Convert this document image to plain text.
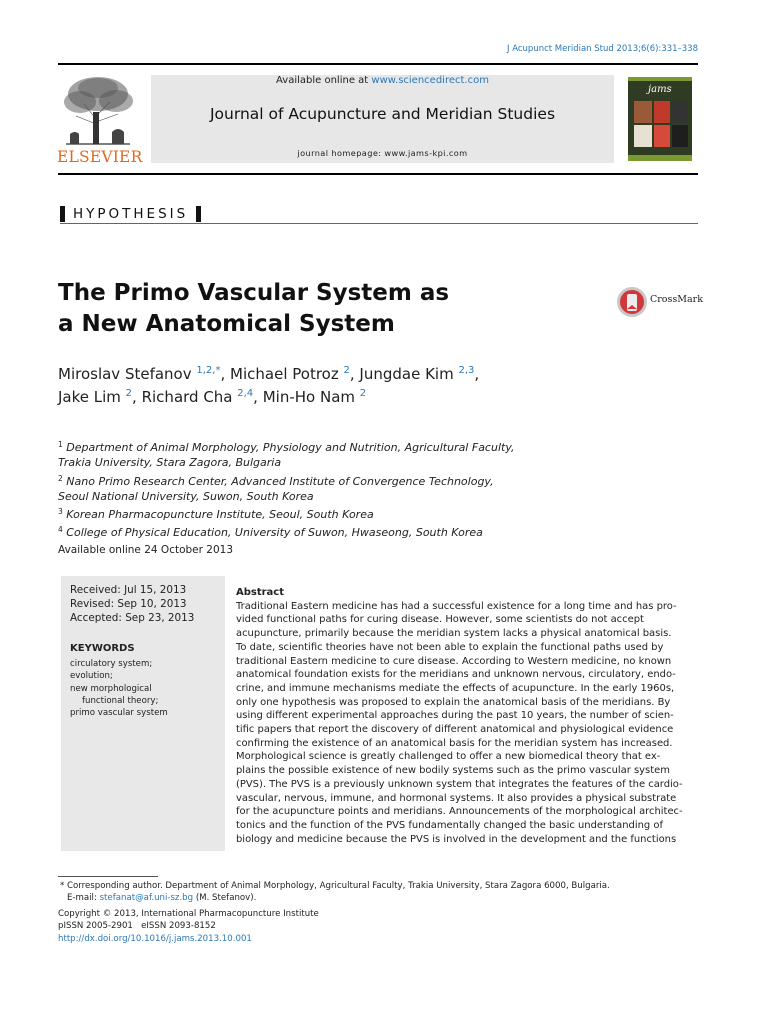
J Acupunct Meridian Stud 2013;6(6):331–338
ELSEVIER
Available online at www.sciencedirect.com
Journal of Acupuncture and Meridian Studies
journal homepage: www.jams-kpi.com
jams
HYPOTHESIS
The Primo Vascular System as
a New Anatomical System
CrossMark
Miroslav Stefanov $^{1,2,*}$, Michael Potroz $^2$, Jungdae Kim $^{2,3}$,
Jake Lim $^2$, Richard Cha $^{2,4}$, Min-Ho Nam $^2$
$^1$ Department of Animal Morphology, Physiology and Nutrition, Agricultural Faculty,
Trakia University, Stara Zagora, Bulgaria
$^2$ Nano Primo Research Center, Advanced Institute of Convergence Technology,
Seoul National University, Suwon, South Korea
$^3$ Korean Pharmacopuncture Institute, Seoul, South Korea
$^4$ College of Physical Education, University of Suwon, Hwaseong, South Korea
Available online 24 October 2013
Received: Jul 15, 2013
Revised: Sep 10, 2013
Accepted: Sep 23, 2013
KEYWORDS
circulatory system;
evolution;
new morphological
functional theory;
primo vascular system
Abstract
Traditional Eastern medicine has had a successful existence for a long time and has pro-
vided functional paths for curing disease. However, some scientists do not accept
acupuncture, primarily because the meridian system lacks a physical anatomical basis.
To date, scientific theories have not been able to explain the functional paths used by
traditional Eastern medicine to cure disease. According to Western medicine, no known
anatomical foundation exists for the meridians and unknown nervous, circulatory, endo-
crine, and immune mechanisms mediate the effects of acupuncture. In the early 1960s,
only one hypothesis was proposed to explain the anatomical basis of the meridians. By
using different experimental approaches during the past 10 years, the number of scien-
tific papers that report the discovery of different anatomical and physiological evidence
confirming the existence of an anatomical basis for the meridian system has increased.
Morphological science is greatly challenged to offer a new biomedical theory that ex-
plains the possible existence of new bodily systems such as the primo vascular system
(PVS). The PVS is a previously unknown system that integrates the features of the cardio-
vascular, nervous, immune, and hormonal systems. It also provides a physical substrate
for the acupuncture points and meridians. Announcements of the morphological architec-
tonics and the function of the PVS fundamentally changed the basic understanding of
biology and medicine because the PVS is involved in the development and the functions
* Corresponding author. Department of Animal Morphology, Agricultural Faculty, Trakia University, Stara Zagora 6000, Bulgaria.
E-mail: stefanat@af.uni-sz.bg (M. Stefanov).
Copyright © 2013, International Pharmacopuncture Institute
pISSN 2005-2901   eISSN 2093-8152
http://dx.doi.org/10.1016/j.jams.2013.10.001
